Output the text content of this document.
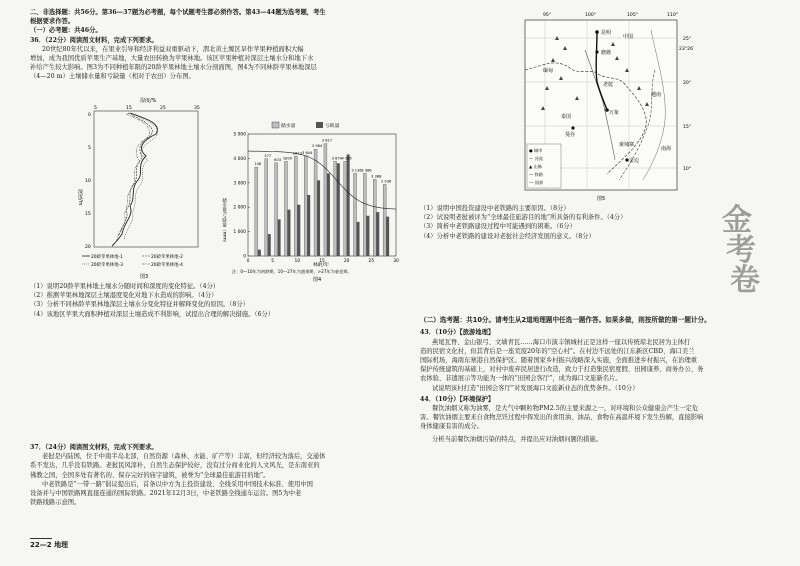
二、非选择题：共56分。第36—37题为必考题，每个试题考生都必须作答。第43—44题为选考题，考生
根据要求作答。
（一）必考题：共46分。
36．（22分）阅读图文材料，完成下列要求。
20世纪80年代以来，在果业引导和经济利益双重驱动下，渭北黄土塬区旱作苹果种植面积大幅
增加，成为我国优质苹果生产基地，大量农田转换为苹果林地。该区苹果种植对深层土壤水分和地下水
补给产生较大影响。图3为不同种植年限的20龄苹果林地土壤水分剖面图，图4为不同林龄苹果林地深层
（4—20 m）土壤储水量和亏缺量（相对于农田）分布图。
湿度/%
5	15	25	35
0
5
10
15
20
深度/m
20龄苹果林地-1	20龄苹果林地-2
20龄苹果林地-3	20龄苹果林地-4
图3
储水量	亏缺量
储水量/亏缺量（mm）
0
1 000
2 000
3 000
4 000
5 000
0	5	10	15	20	25	30
106
377
603 1800
1613 3 644
3 984
3 817
3 879 4 085
3 136 3 386
3 388
2 936
林龄/年
注：0—10年为初龄期，10—27年为盛果期，>27年为衰老期。
图4
（1）说明20龄苹果林地土壤水分随时间和深度的变化特征。（4分）
（2）推测苹果林地深层土壤湿度变化对地下水造成的影响。（4分）
（3）分析不同林龄苹果林地深层土壤水分变化特征并解释变化的原因。（8分）
（4）该地区苹果大面积种植对深层土壤造成不利影响，试提出合理的解决措施。（6分）
37．（24分）阅读图文材料，完成下列要求。
老挝是内陆国，位于中南半岛北部，自然资源（森林、水能、矿产等）丰富，但经济较为落后，交通体
系不发达，几乎没有铁路。老挝民风淳朴，自然生态保护较好，没有过分商业化的人文风光，是东南亚的
佛教之国，全国多处有著名的、保存完好的庙宇建筑，被誉为“全球最佳旅游目的地”。
中老铁路是“一带一路”倡议提出后，首条以中方为主投资建设、全线采用中国技术标准、使用中国
设备并与中国铁路网直接连通的国际铁路。2021年12月3日，中老铁路全线通车运营。图5为中老
铁路线路示意图。
22—2 地理
95°	100°	105°	110°
25°
23°26′
20°
15°
10°
中国
昆明
磨憨
万象
泰国
越南
柬埔寨
金边
曼谷
南海
老挝
缅甸
● 城市
— 河流
▲ 山脉
— 铁路
--- 国界
图5
（1）说明中国投资建设中老铁路的主要原因。（8分）
（2）试说明老挝被评为“全球最佳旅游目的地”所具备的有利条件。（4分）
（3）简析中老铁路建设过程中可能遇到的困难。（6分）
（4）分析中老铁路的建设对老挝社会经济发展的意义。（8分）	金
考
卷
（二）选考题：共10分。请考生从2道地理题中任选一题作答。如果多做，则按所做的第一题计分。
43．（10分）【旅游地理】
燕尾瓦脊、金山银弓、文墙青瓦……海口市演丰镇城村正是这样一座以传统琼北民居为主体打
造的民宿文化村，但其背后是一座荒废20年的“空心村”。在村边不远处的江东新区CBD、海口美兰
国际机场，海南东寨港自然保护区。随着国家乡村振兴战略深入实施，全面推进乡村振兴，在治理重
保护传统建筑的基础上，对村中废弃民居进行改造，致力于打造集民宿度假、田园康养、商务办公、务
农体验、非遗展示等功能为一体的“田园会客厅”，成为海口文旅新名片。
试说明该村打造“田园会客厅”对发展海口文旅新业态的优势条件。（10分）
44．（10分）【环境保护】
餐饮油烟又称为油雾，是大气中颗粒物PM2.5的主要来源之一，对环境和公众健康会产生一定危
害。餐饮油烟主要来自食物烹饪过程中挥发出的食用油、油品、食物在高温环境下发生热解，直接影响
身体健康有害的成分。
分析当前餐饮油烟污染的特点，并提出应对油烟问题的措施。
